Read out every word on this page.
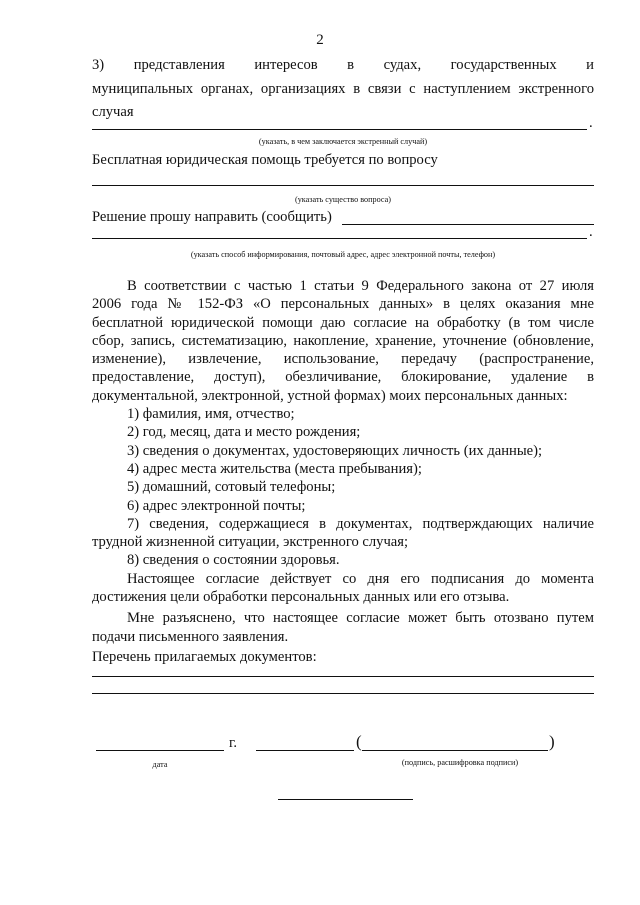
2
3)   представления   интересов   в   судах,   государственных   и
муниципальных органах, организациях в связи с наступлением экстренного
случая
.
(указать, в чем заключается экстренный случай)
Бесплатная юридическая помощь требуется по вопросу
(указать существо вопроса)
Решение прошу направить (сообщить)
.
(указать способ информирования, почтовый адрес, адрес электронной почты, телефон)
В соответствии с частью 1 статьи 9 Федерального закона от 27 июля
2006 года № 152-ФЗ «О персональных данных» в целях оказания мне
бесплатной юридической помощи даю согласие на обработку (в том числе
сбор, запись, систематизацию, накопление, хранение, уточнение (обновление,
изменение),   извлечение,   использование,   передачу   (распространение,
предоставление,   доступ),   обезличивание,   блокирование,   удаление   в
документальной, электронной, устной формах) моих персональных данных:
1) фамилия, имя, отчество;
2) год, месяц, дата и место рождения;
3) сведения о документах, удостоверяющих личность (их данные);
4) адрес места жительства (места пребывания);
5) домашний, сотовый телефоны;
6) адрес электронной почты;
7) сведения, содержащиеся в документах, подтверждающих наличие
трудной жизненной ситуации, экстренного случая;
8) сведения о состоянии здоровья.
Настоящее согласие действует со дня его подписания до момента
достижения цели обработки персональных данных или его отзыва.
Мне разъяснено, что настоящее согласие может быть отозвано путем
подачи письменного заявления.
Перечень прилагаемых документов:
г.	(	)
дата	(подпись, расшифровка подписи)
